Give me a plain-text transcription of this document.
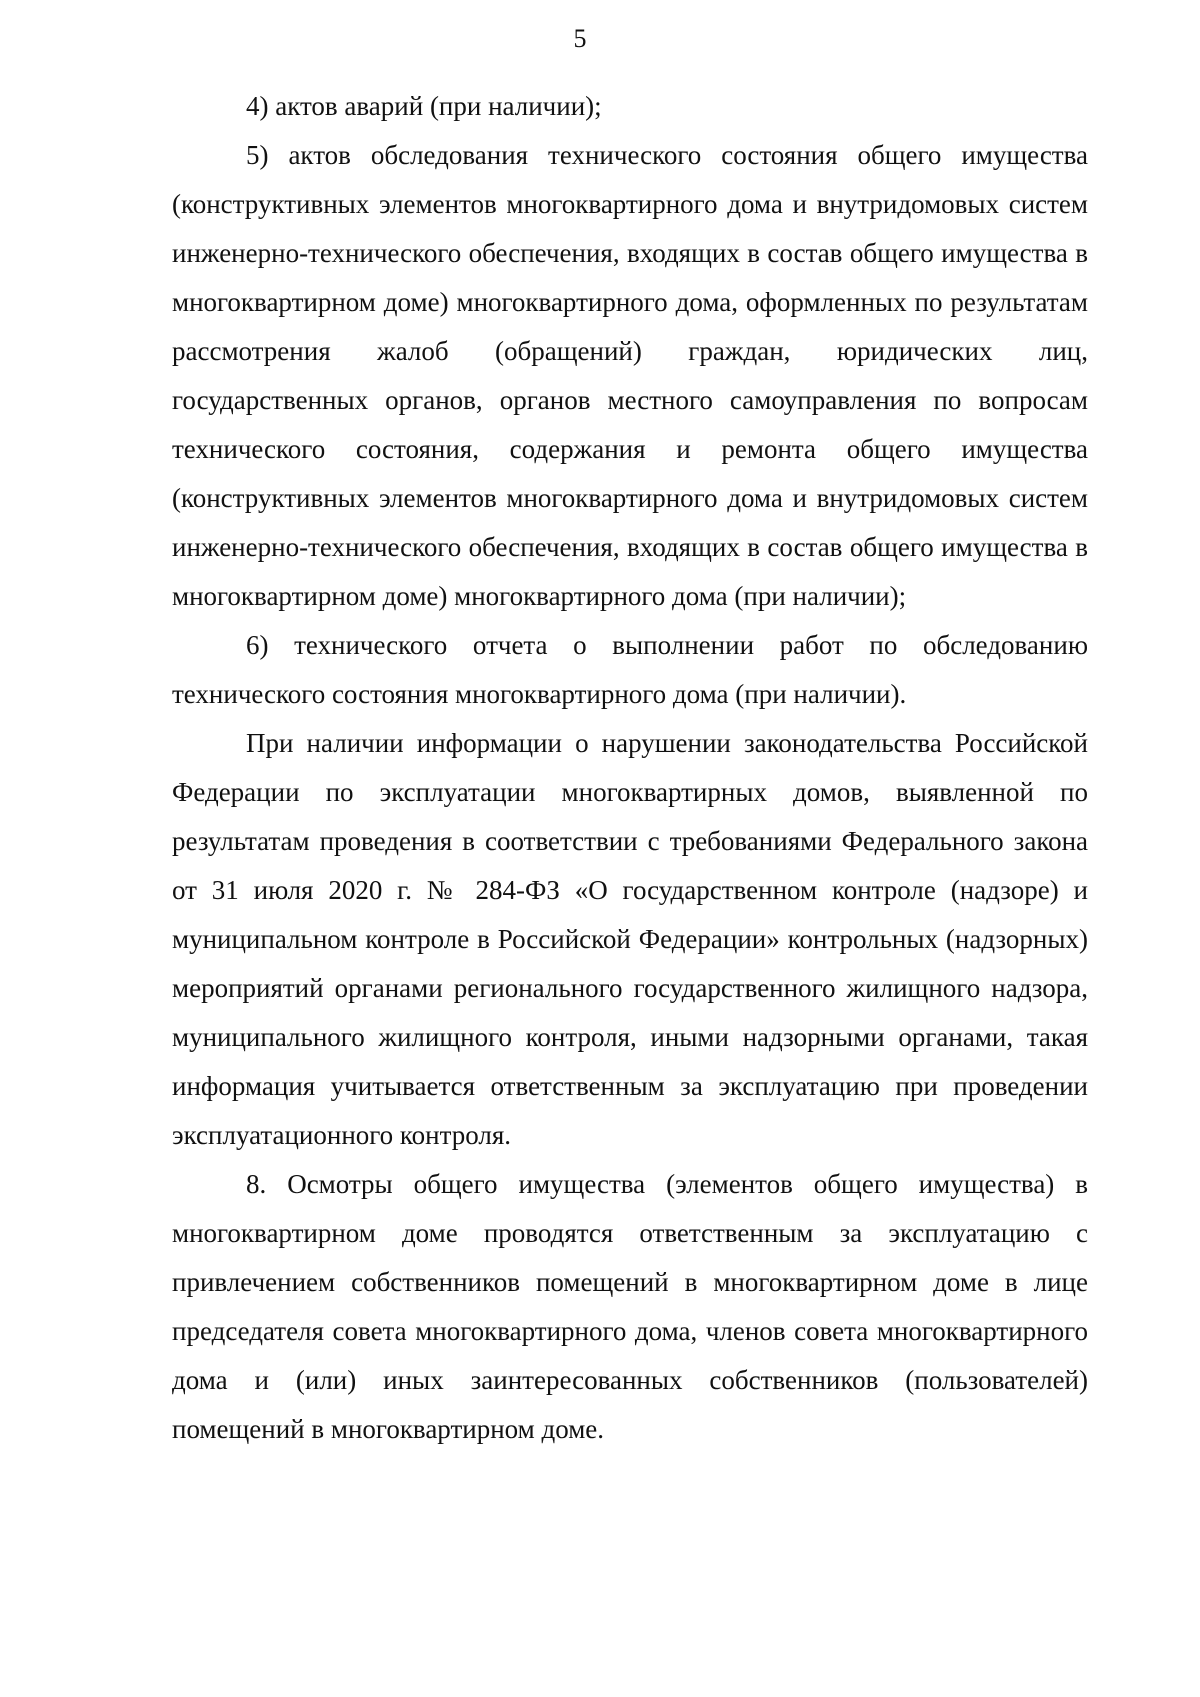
5

4) актов аварий (при наличии);

5) актов обследования технического состояния общего имущества (конструктивных элементов многоквартирного дома и внутридомовых систем инженерно-технического обеспечения, входящих в состав общего имущества в многоквартирном доме) многоквартирного дома, оформленных по результатам рассмотрения жалоб (обращений) граждан, юридических лиц, государственных органов, органов местного самоуправления по вопросам технического состояния, содержания и ремонта общего имущества (конструктивных элементов многоквартирного дома и внутридомовых систем инженерно-технического обеспечения, входящих в состав общего имущества в многоквартирном доме) многоквартирного дома (при наличии);

6) технического отчета о выполнении работ по обследованию технического состояния многоквартирного дома (при наличии).

При наличии информации о нарушении законодательства Российской Федерации по эксплуатации многоквартирных домов, выявленной по результатам проведения в соответствии с требованиями Федерального закона от 31 июля 2020 г. № 284-ФЗ «О государственном контроле (надзоре) и муниципальном контроле в Российской Федерации» контрольных (надзорных) мероприятий органами регионального государственного жилищного надзора, муниципального жилищного контроля, иными надзорными органами, такая информация учитывается ответственным за эксплуатацию при проведении эксплуатационного контроля.

8. Осмотры общего имущества (элементов общего имущества) в многоквартирном доме проводятся ответственным за эксплуатацию с привлечением собственников помещений в многоквартирном доме в лице председателя совета многоквартирного дома, членов совета многоквартирного дома и (или) иных заинтересованных собственников (пользователей) помещений в многоквартирном доме.
